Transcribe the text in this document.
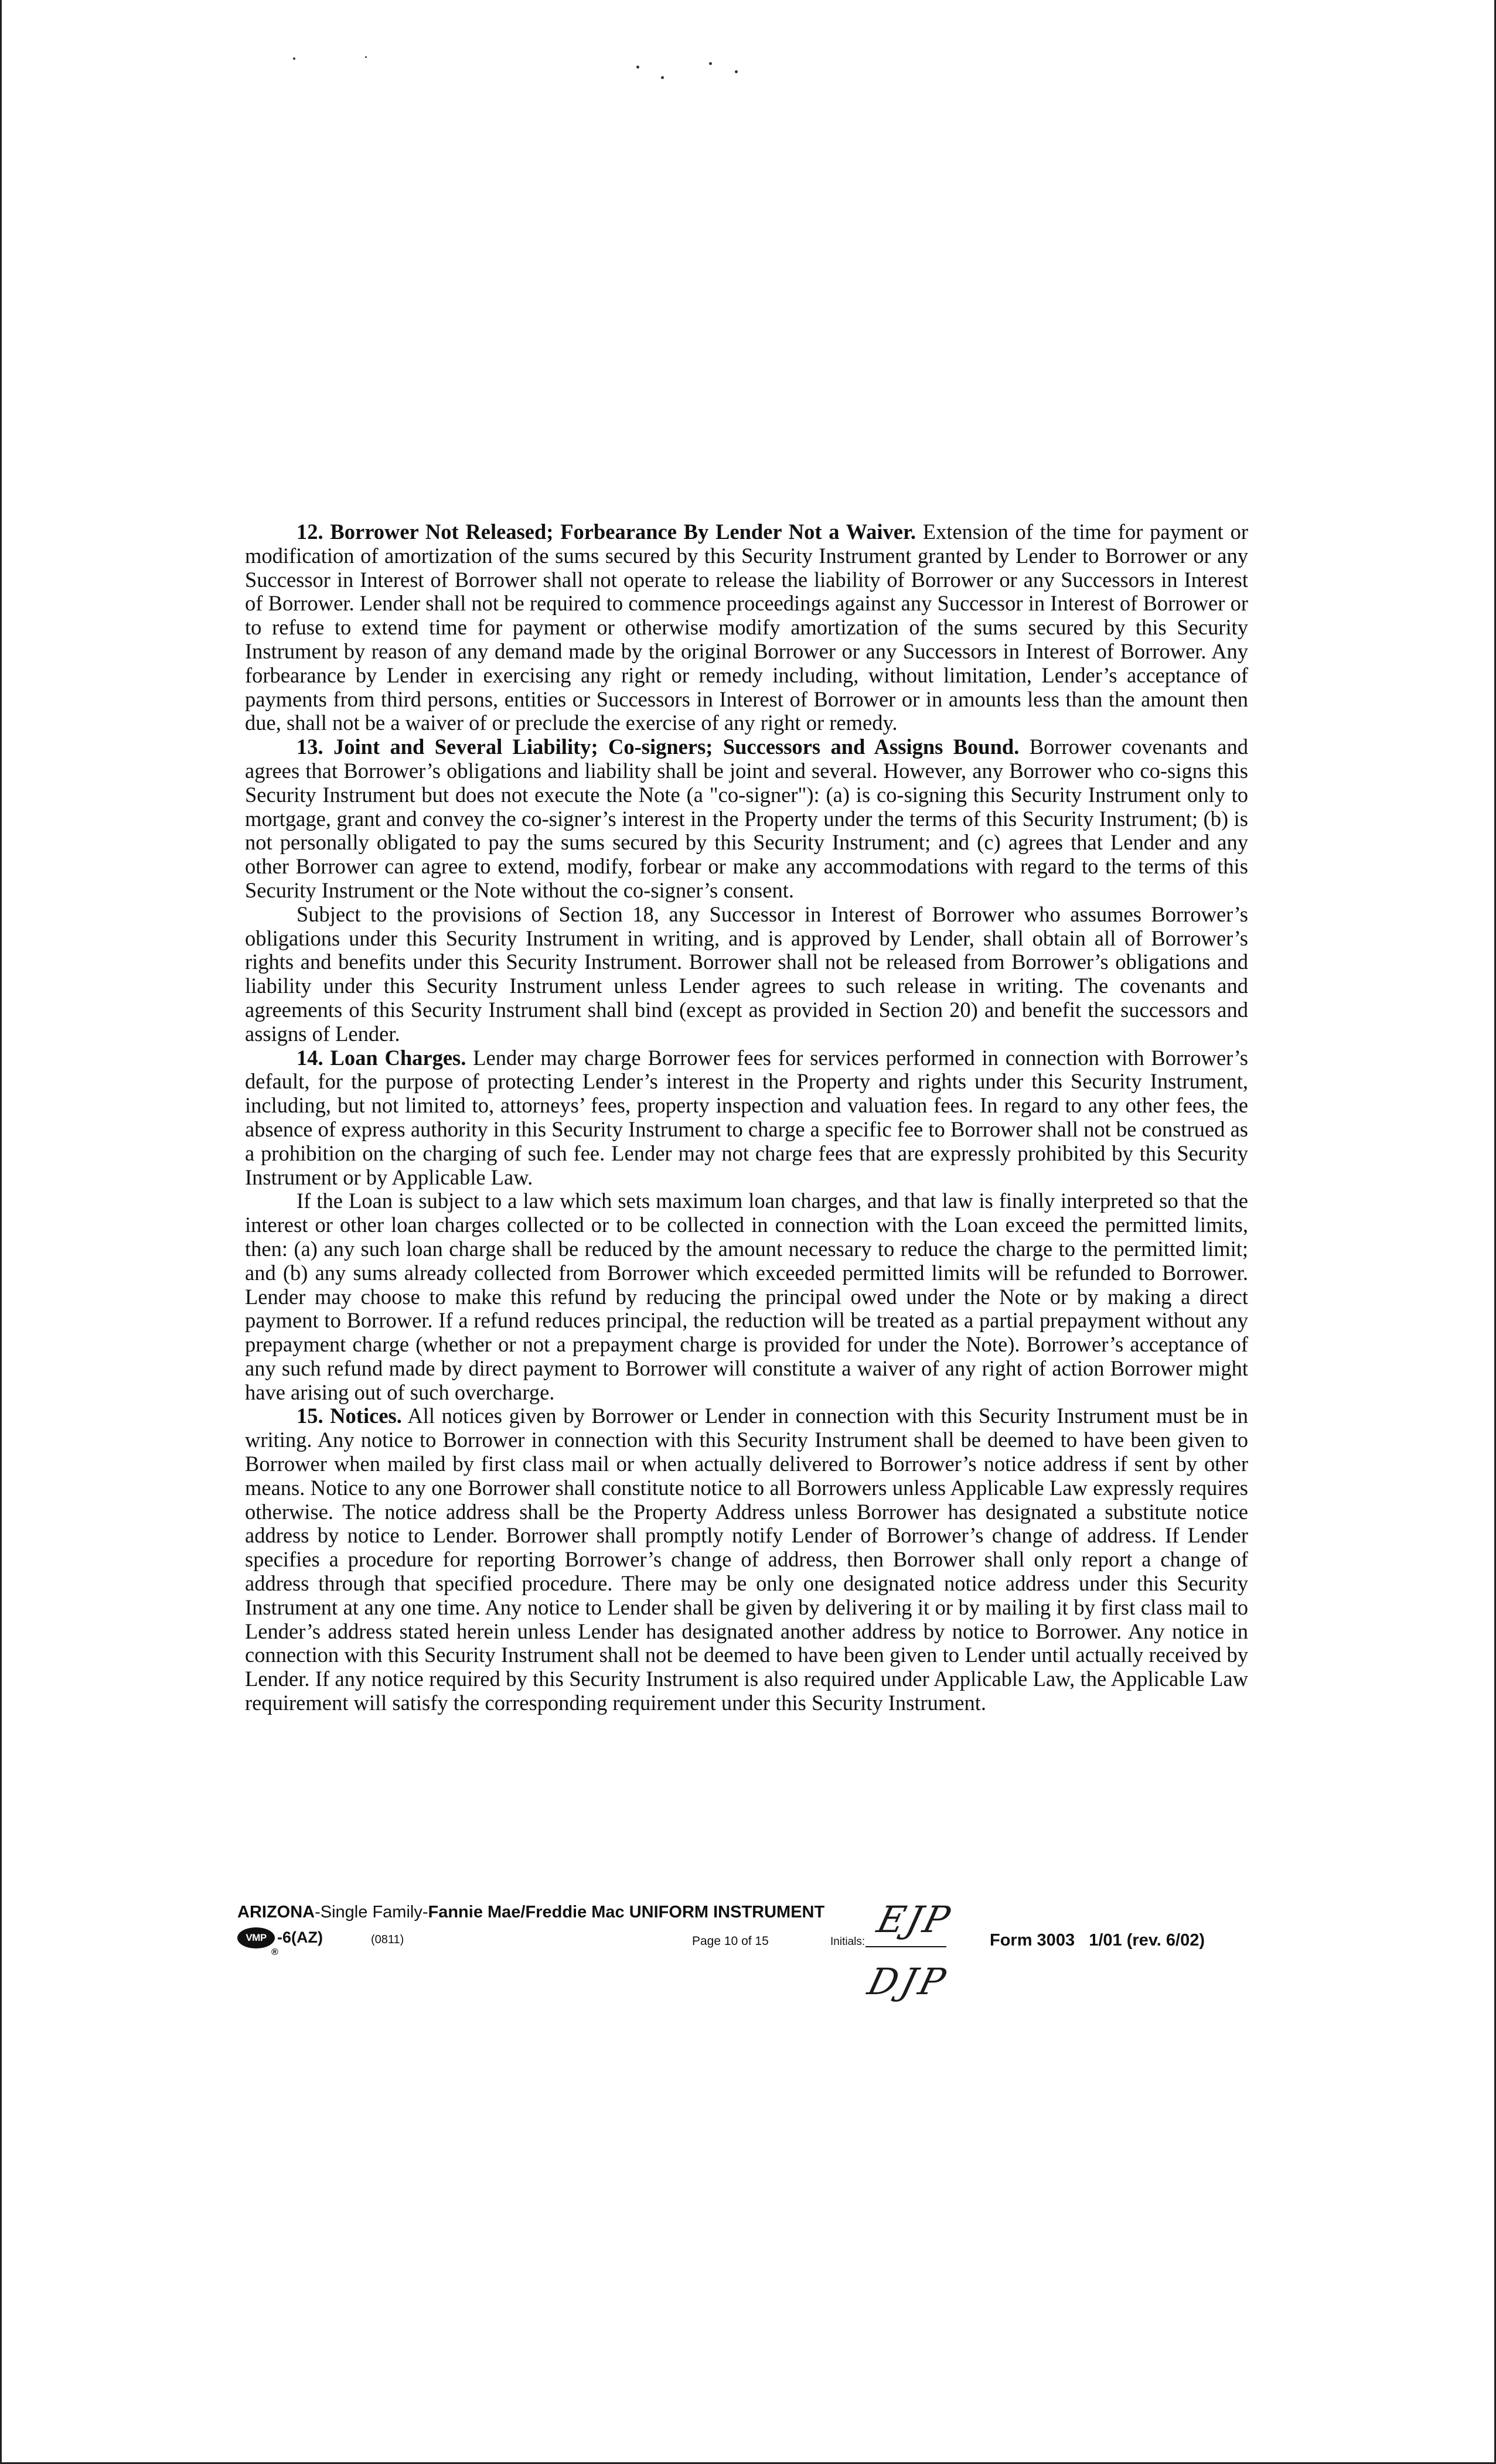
12. Borrower Not Released; Forbearance By Lender Not a Waiver. Extension of the time for payment or modification of amortization of the sums secured by this Security Instrument granted by Lender to Borrower or any Successor in Interest of Borrower shall not operate to release the liability of Borrower or any Successors in Interest of Borrower. Lender shall not be required to commence proceedings against any Successor in Interest of Borrower or to refuse to extend time for payment or otherwise modify amortization of the sums secured by this Security Instrument by reason of any demand made by the original Borrower or any Successors in Interest of Borrower. Any forbearance by Lender in exercising any right or remedy including, without limitation, Lender’s acceptance of payments from third persons, entities or Successors in Interest of Borrower or in amounts less than the amount then due, shall not be a waiver of or preclude the exercise of any right or remedy.

13. Joint and Several Liability; Co-signers; Successors and Assigns Bound. Borrower covenants and agrees that Borrower’s obligations and liability shall be joint and several. However, any Borrower who co-signs this Security Instrument but does not execute the Note (a "co-signer"): (a) is co-signing this Security Instrument only to mortgage, grant and convey the co-signer’s interest in the Property under the terms of this Security Instrument; (b) is not personally obligated to pay the sums secured by this Security Instrument; and (c) agrees that Lender and any other Borrower can agree to extend, modify, forbear or make any accommodations with regard to the terms of this Security Instrument or the Note without the co-signer’s consent.

Subject to the provisions of Section 18, any Successor in Interest of Borrower who assumes Borrower’s obligations under this Security Instrument in writing, and is approved by Lender, shall obtain all of Borrower’s rights and benefits under this Security Instrument. Borrower shall not be released from Borrower’s obligations and liability under this Security Instrument unless Lender agrees to such release in writing. The covenants and agreements of this Security Instrument shall bind (except as provided in Section 20) and benefit the successors and assigns of Lender.

14. Loan Charges. Lender may charge Borrower fees for services performed in connection with Borrower’s default, for the purpose of protecting Lender’s interest in the Property and rights under this Security Instrument, including, but not limited to, attorneys’ fees, property inspection and valuation fees. In regard to any other fees, the absence of express authority in this Security Instrument to charge a specific fee to Borrower shall not be construed as a prohibition on the charging of such fee. Lender may not charge fees that are expressly prohibited by this Security Instrument or by Applicable Law.

If the Loan is subject to a law which sets maximum loan charges, and that law is finally interpreted so that the interest or other loan charges collected or to be collected in connection with the Loan exceed the permitted limits, then: (a) any such loan charge shall be reduced by the amount necessary to reduce the charge to the permitted limit; and (b) any sums already collected from Borrower which exceeded permitted limits will be refunded to Borrower. Lender may choose to make this refund by reducing the principal owed under the Note or by making a direct payment to Borrower. If a refund reduces principal, the reduction will be treated as a partial prepayment without any prepayment charge (whether or not a prepayment charge is provided for under the Note). Borrower’s acceptance of any such refund made by direct payment to Borrower will constitute a waiver of any right of action Borrower might have arising out of such overcharge.

15. Notices. All notices given by Borrower or Lender in connection with this Security Instrument must be in writing. Any notice to Borrower in connection with this Security Instrument shall be deemed to have been given to Borrower when mailed by first class mail or when actually delivered to Borrower’s notice address if sent by other means. Notice to any one Borrower shall constitute notice to all Borrowers unless Applicable Law expressly requires otherwise. The notice address shall be the Property Address unless Borrower has designated a substitute notice address by notice to Lender. Borrower shall promptly notify Lender of Borrower’s change of address. If Lender specifies a procedure for reporting Borrower’s change of address, then Borrower shall only report a change of address through that specified procedure. There may be only one designated notice address under this Security Instrument at any one time. Any notice to Lender shall be given by delivering it or by mailing it by first class mail to Lender’s address stated herein unless Lender has designated another address by notice to Borrower. Any notice in connection with this Security Instrument shall not be deemed to have been given to Lender until actually received by Lender. If any notice required by this Security Instrument is also required under Applicable Law, the Applicable Law requirement will satisfy the corresponding requirement under this Security Instrument.

ARIZONA-Single Family-Fannie Mae/Freddie Mac UNIFORM INSTRUMENT
VMP
®
-6(AZ)	(0811)	Page 10 of 15	Initials:
EJP
DJP
Form 3003   1/01 (rev. 6/02)
